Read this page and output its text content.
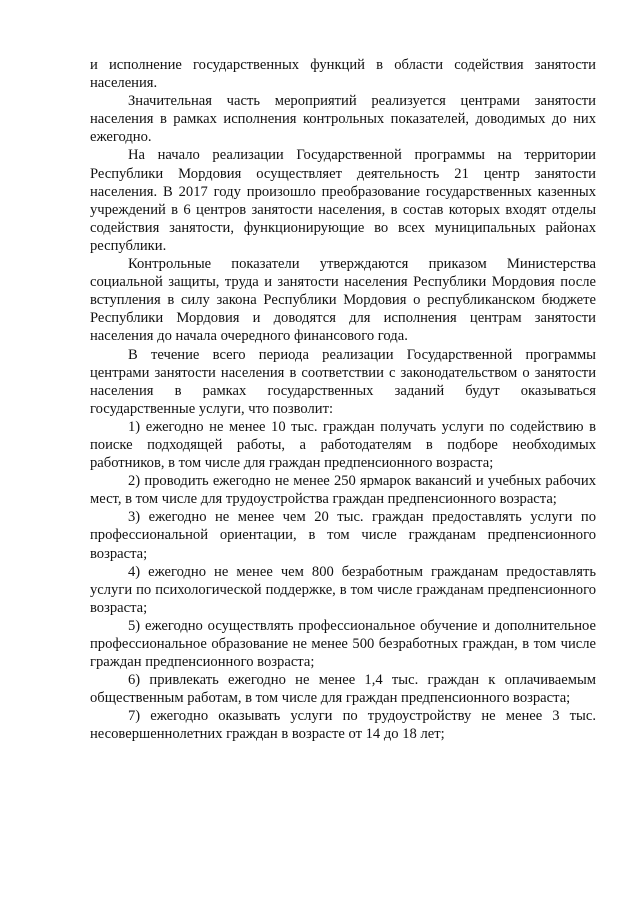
и исполнение государственных функций в области содействия занятости населения.

Значительная часть мероприятий реализуется центрами занятости населения в рамках исполнения контрольных показателей, доводимых до них ежегодно.

На начало реализации Государственной программы на территории Республики Мордовия осуществляет деятельность 21 центр занятости населения. В 2017 году произошло преобразование государственных казенных учреждений в 6 центров занятости населения, в состав которых входят отделы содействия занятости, функционирующие во всех муниципальных районах республики.

Контрольные показатели утверждаются приказом Министерства социальной защиты, труда и занятости населения Республики Мордовия после вступления в силу закона Республики Мордовия о республиканском бюджете Республики Мордовия и доводятся для исполнения центрам занятости населения до начала очередного финансового года.

В течение всего периода реализации Государственной программы центрами занятости населения в соответствии с законодательством о занятости населения в рамках государственных заданий будут оказываться государственные услуги, что позволит:

1) ежегодно не менее 10 тыс. граждан получать услуги по содействию в поиске подходящей работы, а работодателям в подборе необходимых работников, в том числе для граждан предпенсионного возраста;

2) проводить ежегодно не менее 250 ярмарок вакансий и учебных рабочих мест, в том числе для трудоустройства граждан предпенсионного возраста;

3) ежегодно не менее чем 20 тыс. граждан предоставлять услуги по профессиональной ориентации, в том числе гражданам предпенсионного возраста;

4) ежегодно не менее чем 800 безработным гражданам предоставлять услуги по психологической поддержке, в том числе гражданам предпенсионного возраста;

5) ежегодно осуществлять профессиональное обучение и дополнительное профессиональное образование не менее 500 безработных граждан, в том числе граждан предпенсионного возраста;

6) привлекать ежегодно не менее 1,4 тыс. граждан к оплачиваемым общественным работам, в том числе для граждан предпенсионного возраста;

7) ежегодно оказывать услуги по трудоустройству не менее 3 тыс. несовершеннолетних граждан в возрасте от 14 до 18 лет;
